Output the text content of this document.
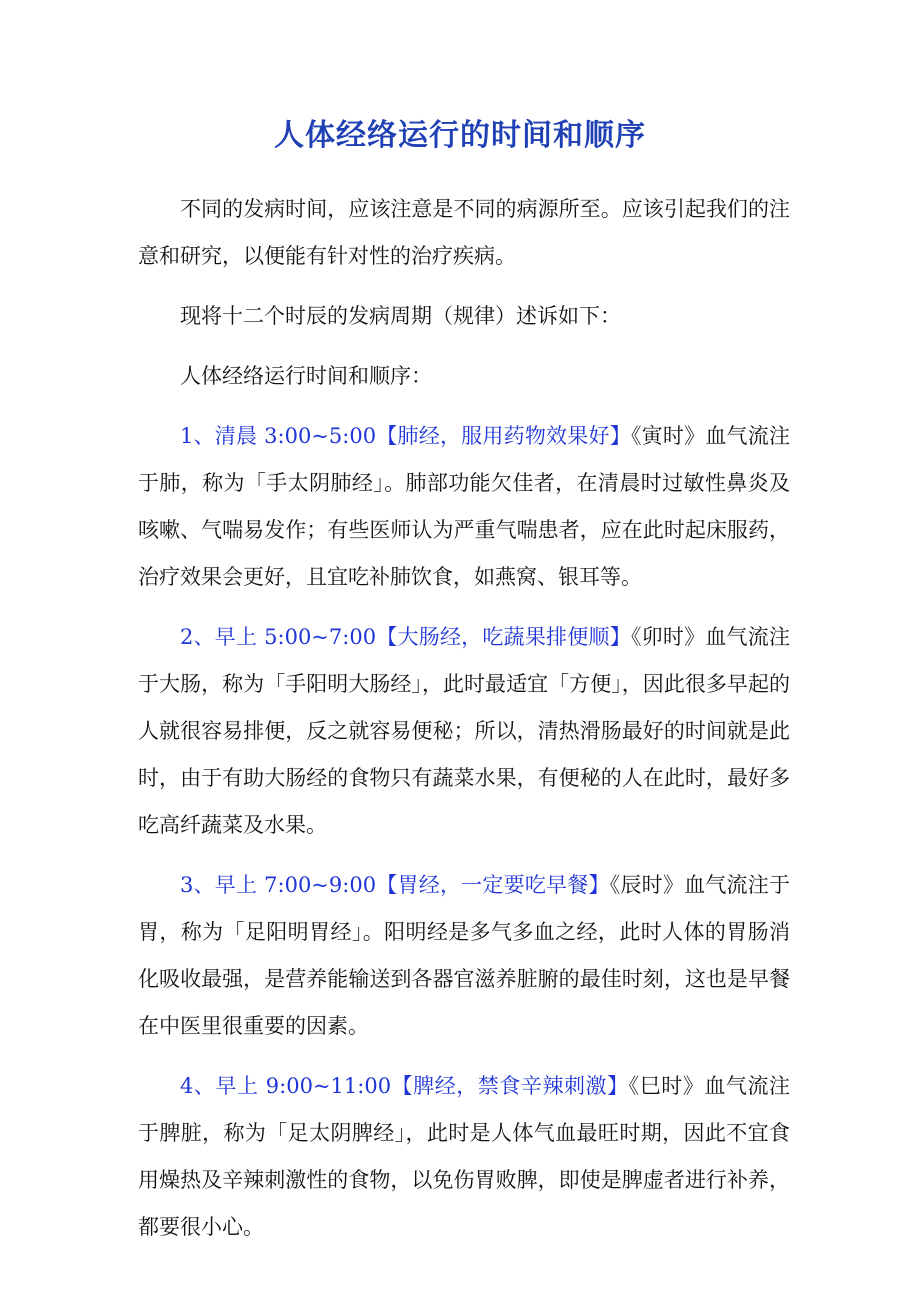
人体经络运行的时间和顺序

不同的发病时间，应该注意是不同的病源所至。应该引起我们的注意和研究，以便能有针对性的治疗疾病。

现将十二个时辰的发病周期（规律）述诉如下：

人体经络运行时间和顺序：

1、清晨 3:00~5:00【肺经，服用药物效果好】《寅时》血气流注于肺，称为「手太阴肺经」。肺部功能欠佳者，在清晨时过敏性鼻炎及咳嗽、气喘易发作；有些医师认为严重气喘患者，应在此时起床服药，治疗效果会更好，且宜吃补肺饮食，如燕窝、银耳等。

2、早上 5:00~7:00【大肠经，吃蔬果排便顺】《卯时》血气流注于大肠，称为「手阳明大肠经」，此时最适宜「方便」，因此很多早起的人就很容易排便，反之就容易便秘；所以，清热滑肠最好的时间就是此时，由于有助大肠经的食物只有蔬菜水果，有便秘的人在此时，最好多吃高纤蔬菜及水果。

3、早上 7:00~9:00【胃经，一定要吃早餐】《辰时》血气流注于胃，称为「足阳明胃经」。阳明经是多气多血之经，此时人体的胃肠消化吸收最强，是营养能输送到各器官滋养脏腑的最佳时刻，这也是早餐在中医里很重要的因素。

4、早上 9:00~11:00【脾经，禁食辛辣刺激】《巳时》血气流注于脾脏，称为「足太阴脾经」，此时是人体气血最旺时期，因此不宜食用燥热及辛辣刺激性的食物，以免伤胃败脾，即使是脾虚者进行补养，都要很小心。
